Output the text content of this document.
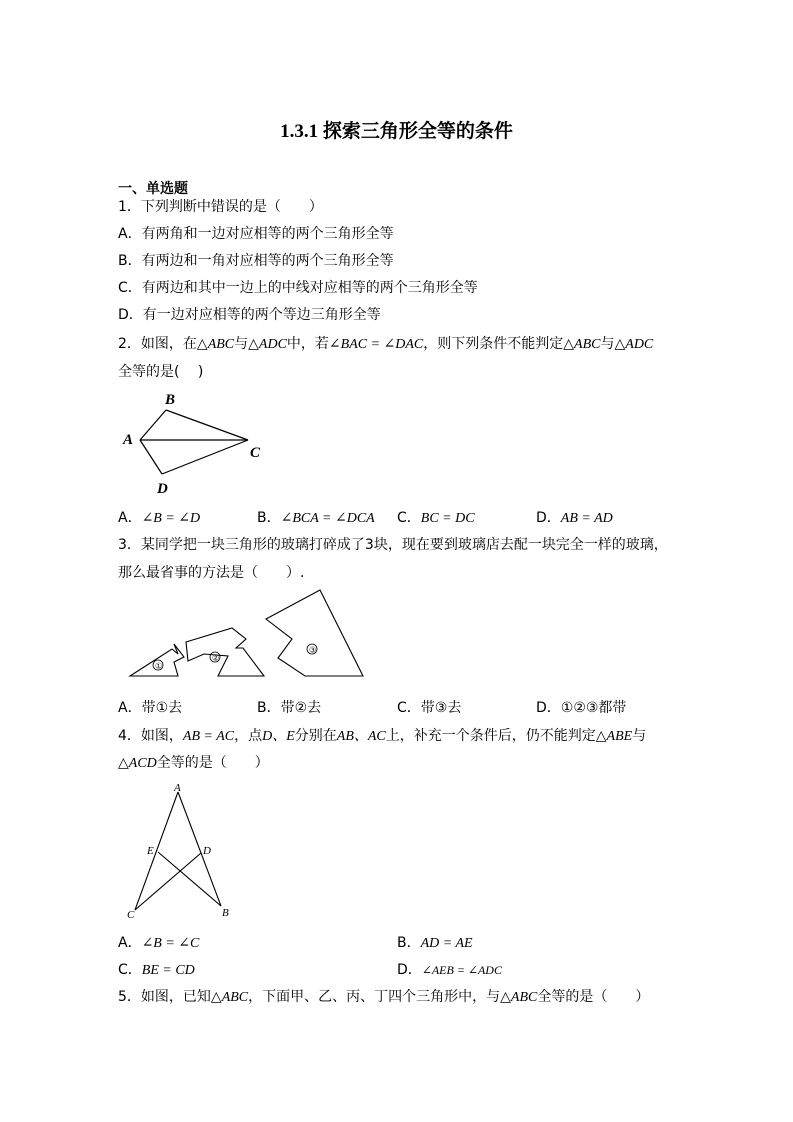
1.3.1 探索三角形全等的条件
一、单选题
1．下列判断中错误的是（　　）
A．有两角和一边对应相等的两个三角形全等
B．有两边和一角对应相等的两个三角形全等
C．有两边和其中一边上的中线对应相等的两个三角形全等
D．有一边对应相等的两个等边三角形全等
2．如图，在△ABC与△ADC中，若∠BAC = ∠DAC，则下列条件不能判定△ABC与△ADC
全等的是(　 )
B
A
C
D
A．∠B = ∠D	B．∠BCA = ∠DCA C．BC = DC	D．AB = AD
3．某同学把一块三角形的玻璃打碎成了3块，现在要到玻璃店去配一块完全一样的玻璃，
那么最省事的方法是（　　）.
①
②
③
A．带①去	B．带②去	C．带③去	D．①②③都带
4．如图，AB = AC，点D、E分别在AB、AC上，补充一个条件后，仍不能判定△ABE与
△ACD全等的是（　　）
A
E	D
C	B
A．∠B = ∠C	B．AD = AE
C．BE = CD	D．∠AEB = ∠ADC
5．如图，已知△ABC，下面甲、乙、丙、丁四个三角形中，与△ABC全等的是（　　）
